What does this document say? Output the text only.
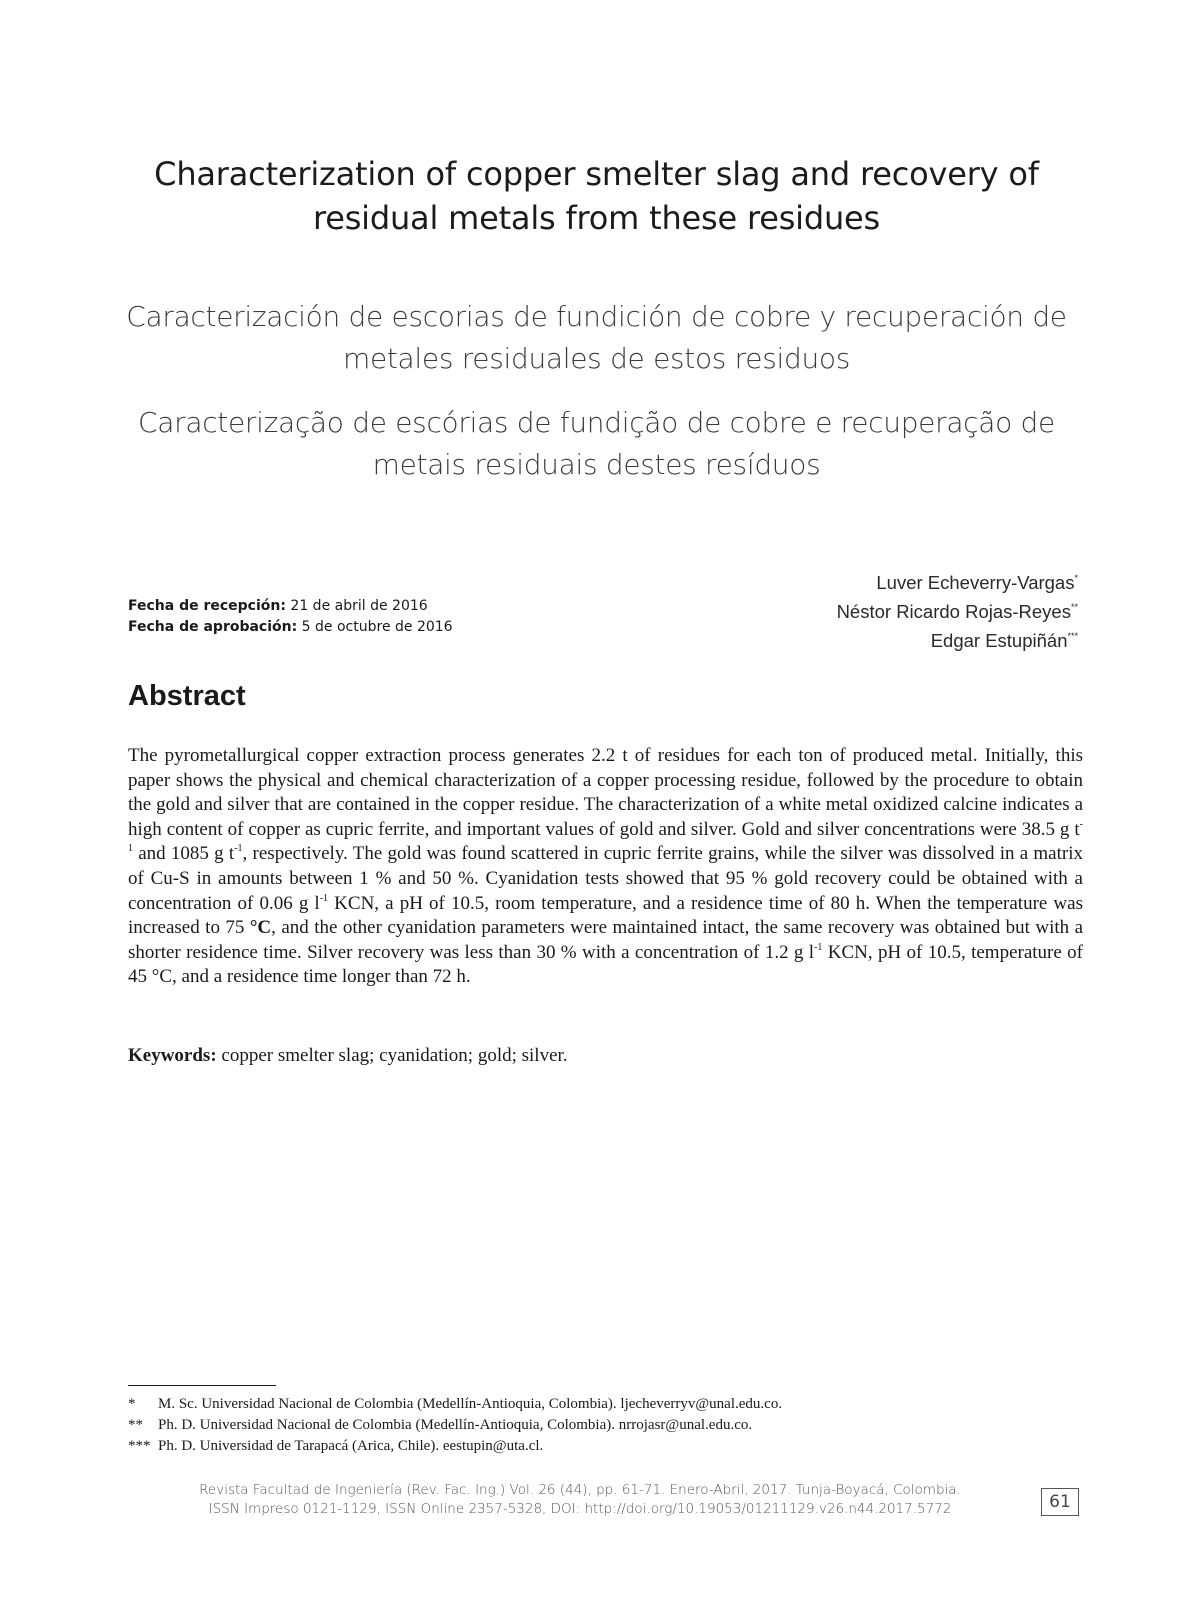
Characterization of copper smelter slag and recovery of
residual metals from these residues
Caracterización de escorias de fundición de cobre y recuperación de
metales residuales de estos residuos
Caracterização de escórias de fundição de cobre e recuperação de
metais residuais destes resíduos
Fecha de recepción: 21 de abril de 2016
Fecha de aprobación: 5 de octubre de 2016
Luver Echeverry-Vargas*
Néstor Ricardo Rojas-Reyes**
Edgar Estupiñán***
Abstract

The pyrometallurgical copper extraction process generates 2.2 t of residues for each ton of produced metal. Initially, this paper shows the physical and chemical characterization of a copper processing residue, followed by the procedure to obtain the gold and silver that are contained in the copper residue. The characterization of a white metal oxidized calcine indicates a high content of copper as cupric ferrite, and important values of gold and silver. Gold and silver concentrations were 38.5 g $t^{-1}$ and 1085 g $t^{-1}$, respectively. The gold was found scattered in cupric ferrite grains, while the silver was dissolved in a matrix of Cu-S in amounts between 1 % and 50 %. Cyanidation tests showed that 95 % gold recovery could be obtained with a concentration of 0.06 g $l^{-1}$ KCN, a pH of 10.5, room temperature, and a residence time of 80 h. When the temperature was increased to 75 °C, and the other cyanidation parameters were maintained intact, the same recovery was obtained but with a shorter residence time. Silver recovery was less than 30 % with a concentration of 1.2 g $l^{-1}$ KCN, pH of 10.5, temperature of 45 °C, and a residence time longer than 72 h.

Keywords: copper smelter slag; cyanidation; gold; silver.

*	M. Sc. Universidad Nacional de Colombia (Medellín-Antioquia, Colombia). ljecheverryv@unal.edu.co.
**	Ph. D. Universidad Nacional de Colombia (Medellín-Antioquia, Colombia). nrrojasr@unal.edu.co.
*** Ph. D. Universidad de Tarapacá (Arica, Chile). eestupin@uta.cl.
Revista Facultad de Ingeniería (Rev. Fac. Ing.) Vol. 26 (44), pp. 61-71. Enero-Abril, 2017. Tunja-Boyacá, Colombia.
ISSN Impreso 0121-1129, ISSN Online 2357-5328, DOI: http://doi.org/10.19053/01211129.v26.n44.2017.5772	61
